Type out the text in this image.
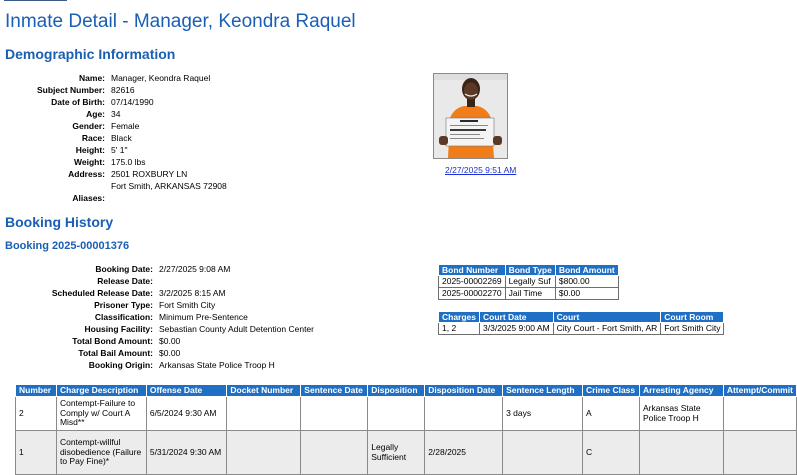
Inmate Detail - Manager, Keondra Raquel
Demographic Information
Name:	Manager, Keondra Raquel
Subject Number:	82616
Date of Birth:	07/14/1990
Age:	34
Gender:	Female
Race:	Black
Height:	5' 1"
Weight:	175.0 lbs
Address:	2501 ROXBURY LN
Fort Smith, ARKANSAS 72908

Aliases:	
2/27/2025 9:51 AM
Booking History
Booking 2025-00001376
Booking Date:	2/27/2025 9:08 AM
Release Date:	
Scheduled Release Date:	3/2/2025 8:15 AM
Prisoner Type:	Fort Smith City
Classification:	Minimum Pre-Sentence
Housing Facility:	Sebastian County Adult Detention Center
Total Bond Amount:	$0.00
Total Bail Amount:	$0.00
Booking Origin:	Arkansas State Police Troop H
Bond Number	Bond Type	Bond Amount
2025-00002269	Legally Suf	$800.00
2025-00002270	Jail Time	$0.00
Charges	Court Date	Court	Court Room
1, 2	3/3/2025 9:00 AM	City Court - Fort Smith, AR	Fort Smith City
Number	Charge Description	Offense Date	Docket Number	Sentence Date	Disposition	Disposition Date	Sentence Length	Crime Class	Arresting Agency	Attempt/Commit
2	Contempt-Failure to Comply w/ Court A Misd**	6/5/2024 9:30 AM					3 days	A	Arkansas State Police Troop H	
1	Contempt-willful disobedience (Failure to Pay Fine)*	5/31/2024 9:30 AM			Legally Sufficient	2/28/2025		C		
